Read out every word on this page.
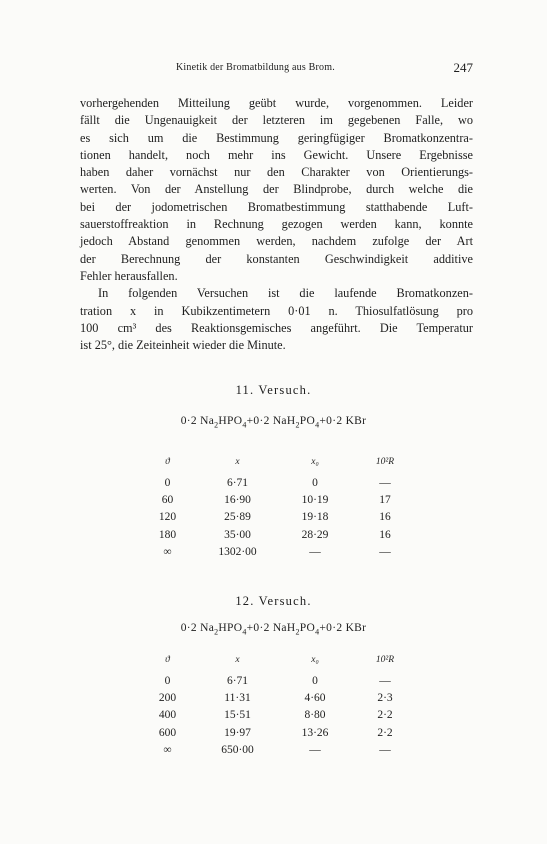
Kinetik der Bromatbildung aus Brom.	247

vorhergehenden Mitteilung geübt wurde, vorgenommen. Leider

fällt die Ungenauigkeit der letzteren im gegebenen Falle, wo

es sich um die Bestimmung geringfügiger Bromatkonzentra-

tionen handelt, noch mehr ins Gewicht. Unsere Ergebnisse

haben daher vornächst nur den Charakter von Orientierungs-

werten. Von der Anstellung der Blindprobe, durch welche die

bei der jodometrischen Bromatbestimmung statthabende Luft-

sauerstoffreaktion in Rechnung gezogen werden kann, konnte

jedoch Abstand genommen werden, nachdem zufolge der Art

der Berechnung der konstanten Geschwindigkeit additive

Fehler herausfallen.

In folgenden Versuchen ist die laufende Bromatkonzen-

tration x in Kubikzentimetern 0·01 n. Thiosulfatlösung pro

100 cm³ des Reaktionsgemisches angeführt. Die Temperatur

ist 25°, die Zeiteinheit wieder die Minute.

11. Versuch.
0·2 $Na_2HPO_4+0\cdot 2$ $NaH_2PO_4+0\cdot 2$ KBr
ϑ	x	x₀	10²R
0	6·71	0	—
60	16·90	10·19	17
120	25·89	19·18	16
180	35·00	28·29	16
∞	1302·00	—	—
12. Versuch.
0·2 $Na_2HPO_4+0\cdot 2$ $NaH_2PO_4+0\cdot 2$ KBr
ϑ	x	x₀	10²R
0	6·71	0	—
200	11·31	4·60	2·3
400	15·51	8·80	2·2
600	19·97	13·26	2·2
∞	650·00	—	—
